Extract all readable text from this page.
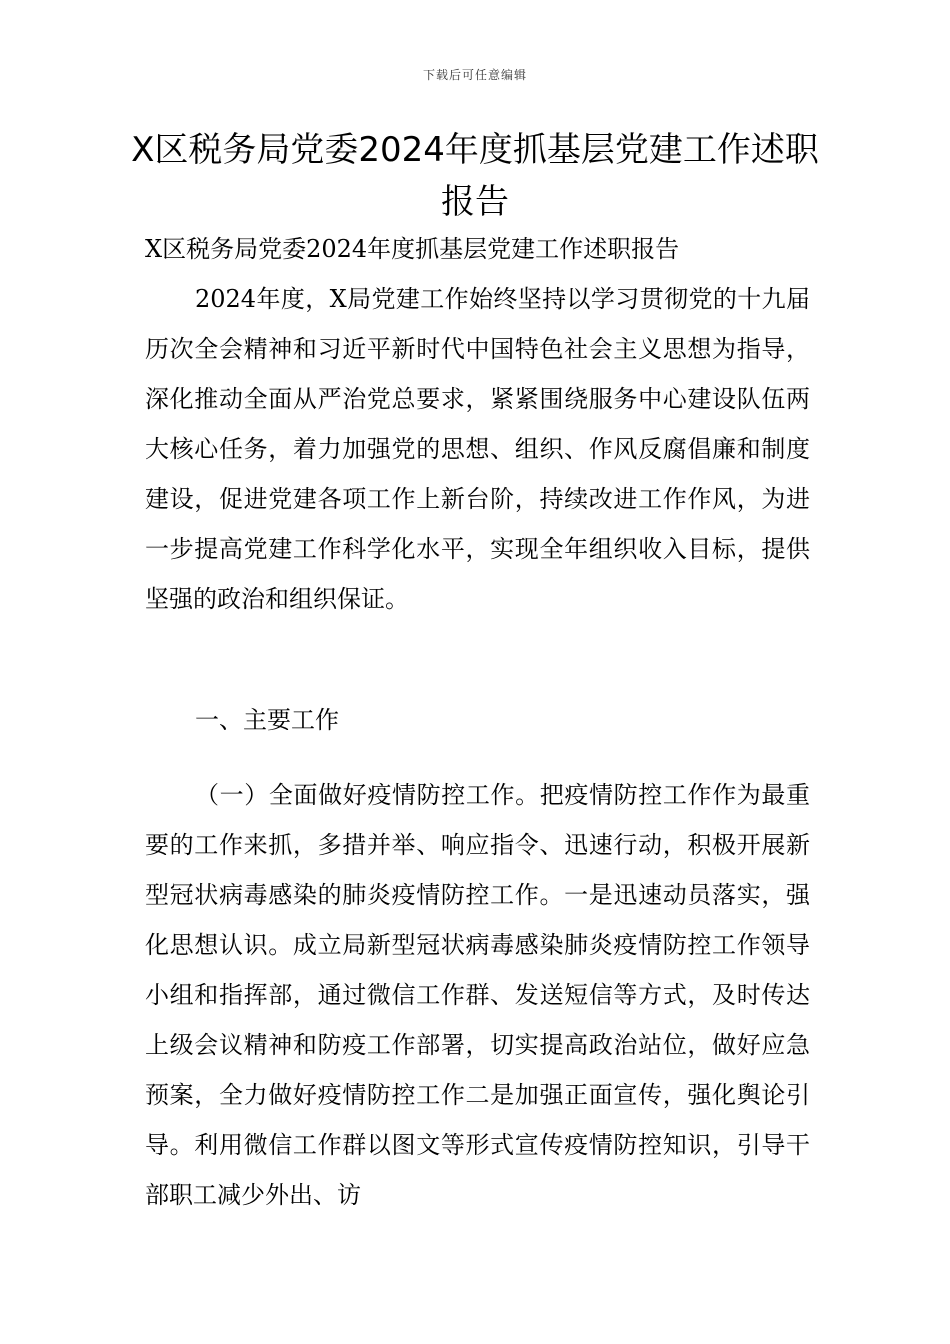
下载后可任意编辑
X区税务局党委2024年度抓基层党建工作述职报告

X区税务局党委2024年度抓基层党建工作述职报告

2024年度，X局党建工作始终坚持以学习贯彻党的十九届历次全会精神和习近平新时代中国特色社会主义思想为指导，深化推动全面从严治党总要求，紧紧围绕服务中心建设队伍两大核心任务，着力加强党的思想、组织、作风反腐倡廉和制度建设，促进党建各项工作上新台阶，持续改进工作作风，为进一步提高党建工作科学化水平，实现全年组织收入目标，提供坚强的政治和组织保证。

一、主要工作

（一）全面做好疫情防控工作。把疫情防控工作作为最重要的工作来抓，多措并举、响应指令、迅速行动，积极开展新型冠状病毒感染的肺炎疫情防控工作。一是迅速动员落实，强化思想认识。成立局新型冠状病毒感染肺炎疫情防控工作领导小组和指挥部，通过微信工作群、发送短信等方式，及时传达上级会议精神和防疫工作部署，切实提高政治站位，做好应急预案，全力做好疫情防控工作二是加强正面宣传，强化舆论引导。利用微信工作群以图文等形式宣传疫情防控知识，引导干部职工减少外出、访
